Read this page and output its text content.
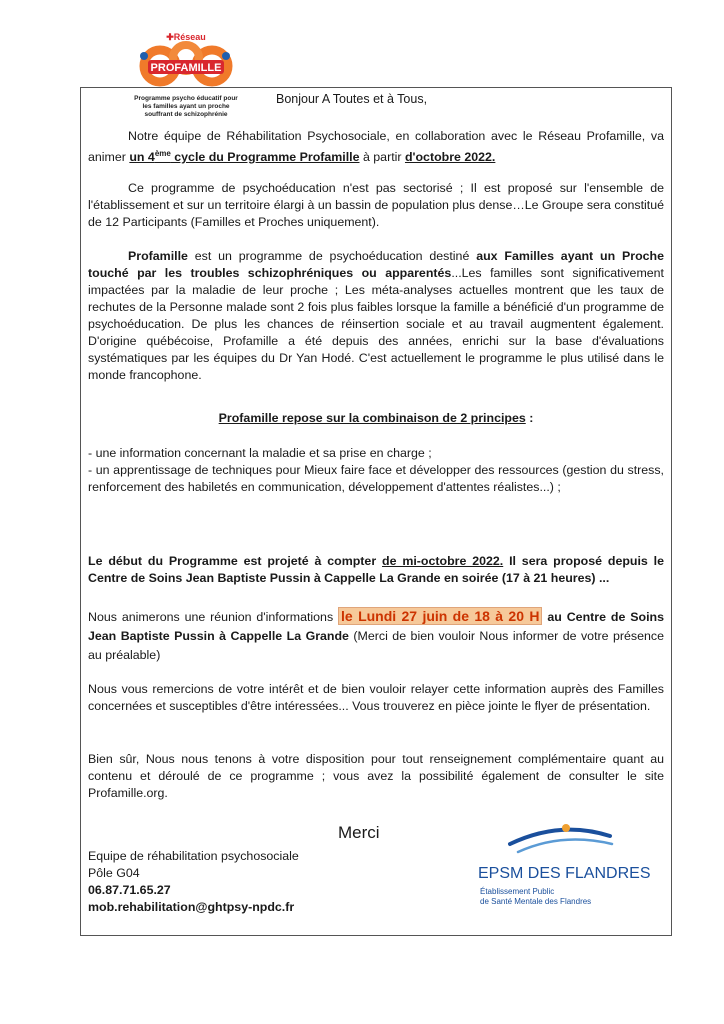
PROFAMILLE
✚Réseau
Programme psycho éducatif pour
les familles ayant un proche
souffrant de schizophrénie
Bonjour A Toutes et à Tous,

Notre équipe de Réhabilitation Psychosociale, en collaboration avec le Réseau Profamille, va animer un 4ème cycle du Programme Profamille à partir d'octobre 2022.

Ce programme de psychoéducation n'est pas sectorisé ; Il est proposé sur l'ensemble de l'établissement et sur un territoire élargi à un bassin de population plus dense…Le Groupe sera constitué de 12 Participants (Familles et Proches uniquement).

Profamille est un programme de psychoéducation destiné aux Familles ayant un Proche touché par les troubles schizophréniques ou apparentés...Les familles sont significativement impactées par la maladie de leur proche ; Les méta-analyses actuelles montrent que les taux de rechutes de la Personne malade sont 2 fois plus faibles lorsque la famille a bénéficié d'un programme de psychoéducation. De plus les chances de réinsertion sociale et au travail augmentent également. D'origine québécoise, Profamille a été depuis des années, enrichi sur la base d'évaluations systématiques par les équipes du Dr Yan Hodé. C'est actuellement le programme le plus utilisé dans le monde francophone.

Profamille repose sur la combinaison de 2 principes :

- une information concernant la maladie et sa prise en charge ;

- un apprentissage de techniques pour Mieux faire face et développer des ressources (gestion du stress, renforcement des habiletés en communication, développement d'attentes réalistes...) ;

Le début du Programme est projeté à compter de mi-octobre 2022. Il sera proposé depuis le Centre de Soins Jean Baptiste Pussin à Cappelle La Grande en soirée (17 à 21 heures) ...

Nous animerons une réunion d'informations le Lundi 27 juin de 18 à 20 H au Centre de Soins Jean Baptiste Pussin à Cappelle La Grande (Merci de bien vouloir Nous informer de votre présence au préalable)

Nous vous remercions de votre intérêt et de bien vouloir relayer cette information auprès des Familles concernées et susceptibles d'être intéressées... Vous trouverez en pièce jointe le flyer de présentation.

Bien sûr, Nous nous tenons à votre disposition pour tout renseignement complémentaire quant au contenu et déroulé de ce programme ; vous avez la possibilité également de consulter le site Profamille.org.

Merci
Equipe de réhabilitation psychosociale
Pôle G04
06.87.71.65.27
mob.rehabilitation@ghtpsy-npdc.fr
EPSM DES FLANDRES
Établissement Public
de Santé Mentale des Flandres
